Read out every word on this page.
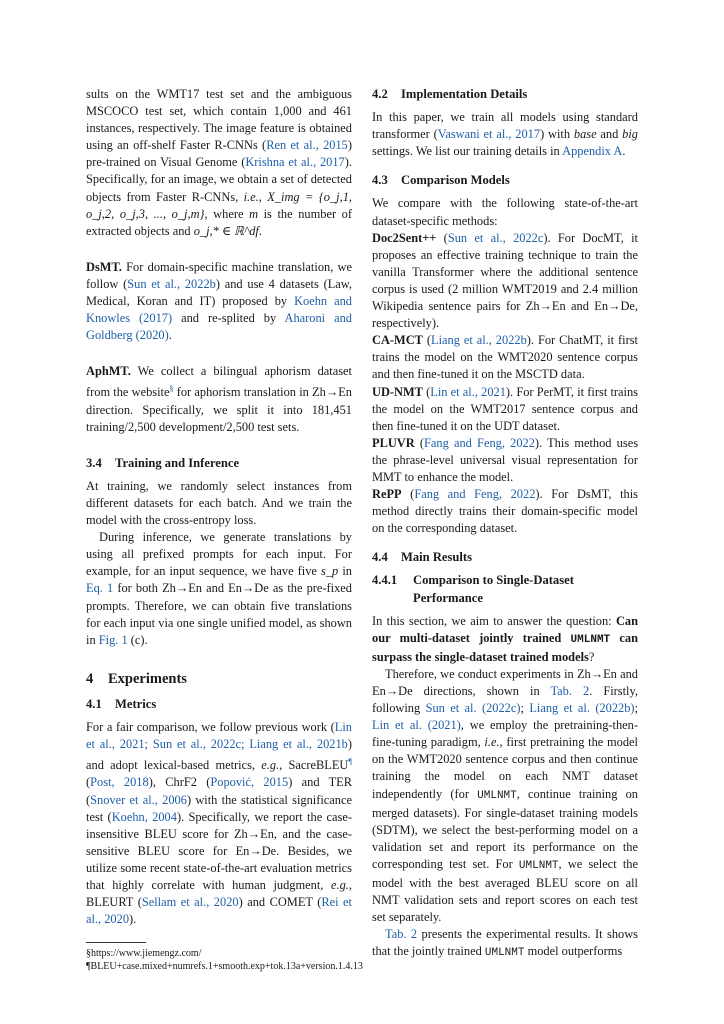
sults on the WMT17 test set and the ambiguous MSCOCO test set, which contain 1,000 and 461 instances, respectively. The image feature is obtained using an off-shelf Faster R-CNNs (Ren et al., 2015) pre-trained on Visual Genome (Krishna et al., 2017). Specifically, for an image, we obtain a set of detected objects from Faster R-CNNs, i.e., X_img = {o_j,1, o_j,2, o_j,3, ..., o_j,m}, where m is the number of extracted objects and o_j,* ∈ ℝ^df.

DsMT. For domain-specific machine translation, we follow (Sun et al., 2022b) and use 4 datasets (Law, Medical, Koran and IT) proposed by Koehn and Knowles (2017) and re-splited by Aharoni and Goldberg (2020).

AphMT. We collect a bilingual aphorism dataset from the website§ for aphorism translation in Zh→En direction. Specifically, we split it into 181,451 training/2,500 development/2,500 test sets.

3.4	Training and Inference

At training, we randomly select instances from different datasets for each batch. And we train the model with the cross-entropy loss.

During inference, we generate translations by using all prefixed prompts for each input. For example, for an input sequence, we have five s_p in Eq. 1 for both Zh→En and En→De as the pre-fixed prompts. Therefore, we can obtain five translations for each input via one single unified model, as shown in Fig. 1 (c).

4	Experiments
4.1	Metrics

For a fair comparison, we follow previous work (Lin et al., 2021; Sun et al., 2022c; Liang et al., 2021b) and adopt lexical-based metrics, e.g., SacreBLEU¶ (Post, 2018), ChrF2 (Popović, 2015) and TER (Snover et al., 2006) with the statistical significance test (Koehn, 2004). Specifically, we report the case-insensitive BLEU score for Zh→En, and the case-sensitive BLEU score for En→De. Besides, we utilize some recent state-of-the-art evaluation metrics that highly correlate with human judgment, e.g., BLEURT (Sellam et al., 2020) and COMET (Rei et al., 2020).

§https://www.jiemengz.com/

¶BLEU+case.mixed+numrefs.1+smooth.exp+tok.13a+version.1.4.13

4.2	Implementation Details

In this paper, we train all models using standard transformer (Vaswani et al., 2017) with base and big settings. We list our training details in Appendix A.

4.3	Comparison Models

We compare with the following state-of-the-art dataset-specific methods:

Doc2Sent++ (Sun et al., 2022c). For DocMT, it proposes an effective training technique to train the vanilla Transformer where the additional sentence corpus is used (2 million WMT2019 and 2.4 million Wikipedia sentence pairs for Zh→En and En→De, respectively).

CA-MCT (Liang et al., 2022b). For ChatMT, it first trains the model on the WMT2020 sentence corpus and then fine-tuned it on the MSCTD data.

UD-NMT (Lin et al., 2021). For PerMT, it first trains the model on the WMT2017 sentence corpus and then fine-tuned it on the UDT dataset.

PLUVR (Fang and Feng, 2022). This method uses the phrase-level universal visual representation for MMT to enhance the model.

RePP (Fang and Feng, 2022). For DsMT, this method directly trains their domain-specific model on the corresponding dataset.

4.4	Main Results
4.4.1	Comparison to Single-Dataset Performance

In this section, we aim to answer the question: Can our multi-dataset jointly trained UMLNMT can surpass the single-dataset trained models?

Therefore, we conduct experiments in Zh→En and En→De directions, shown in Tab. 2. Firstly, following Sun et al. (2022c); Liang et al. (2022b); Lin et al. (2021), we employ the pretraining-then-fine-tuning paradigm, i.e., first pretraining the model on the WMT2020 sentence corpus and then continue training the model on each NMT dataset independently (for UMLNMT, continue training on merged datasets). For single-dataset training models (SDTM), we select the best-performing model on a validation set and report its performance on the corresponding test set. For UMLNMT, we select the model with the best averaged BLEU score on all NMT validation sets and report scores on each test set separately.

Tab. 2 presents the experimental results. It shows that the jointly trained UMLNMT model outperforms
